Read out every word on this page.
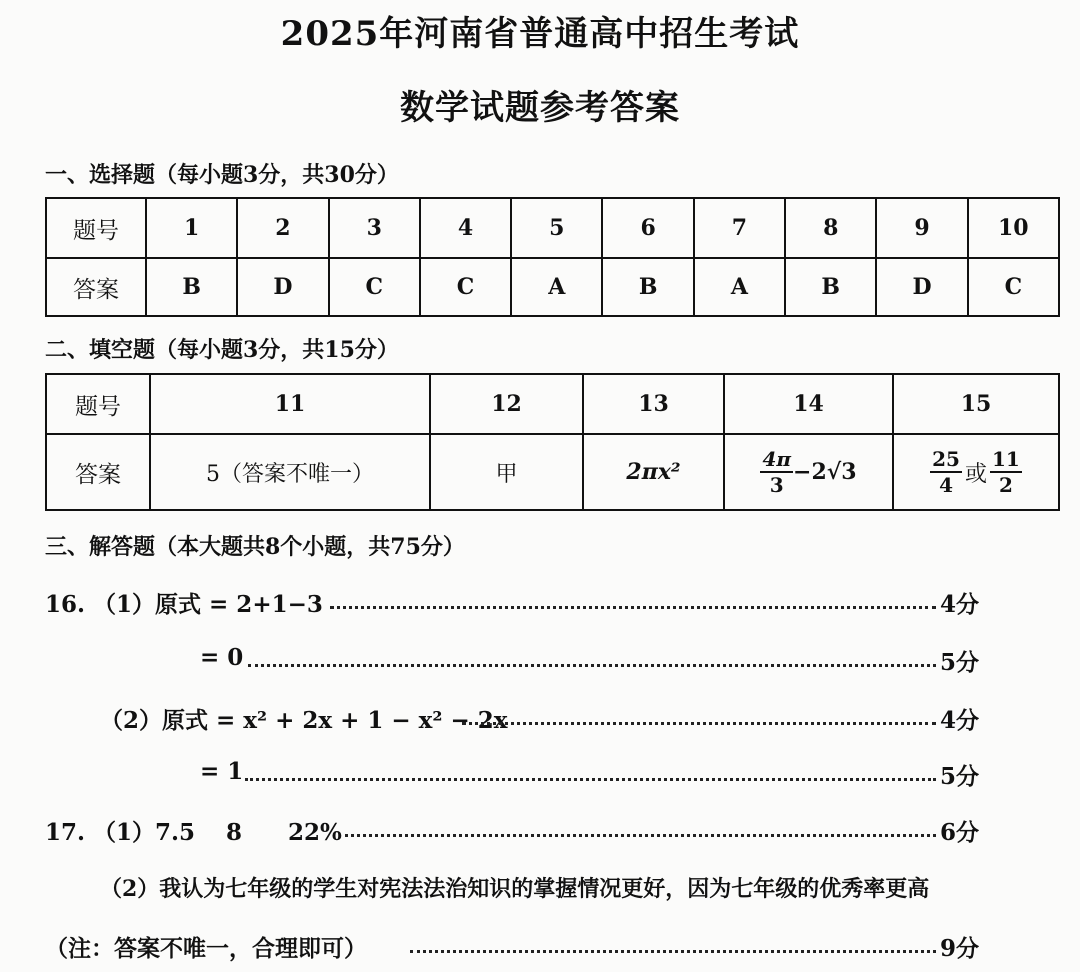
2025年河南省普通高中招生考试
数学试题参考答案
一、选择题（每小题3分，共30分）
题号	1	2	3	4	5	6	7	8	9	10
答案	B	D	C	C	A	B	A	B	D	C
二、填空题（每小题3分，共15分）
题号	11	12	13	14	15
答案	5（答案不唯一）	甲	2πx²	$\frac{4\pi}{3} -2√3$	$\frac{25}{4}$ 或 $\frac{11}{2}$
三、解答题（本大题共8个小题，共75分）
16. （1）原式 = 2+1−3	4分
= 0	5分
（2）原式 = x² + 2x + 1 − x² − 2x	4分
= 1	5分
17. （1）7.5　 8　　22%	6分
（2）我认为七年级的学生对宪法法治知识的掌握情况更好，因为七年级的优秀率更高
（注：答案不唯一，合理即可）	9分
